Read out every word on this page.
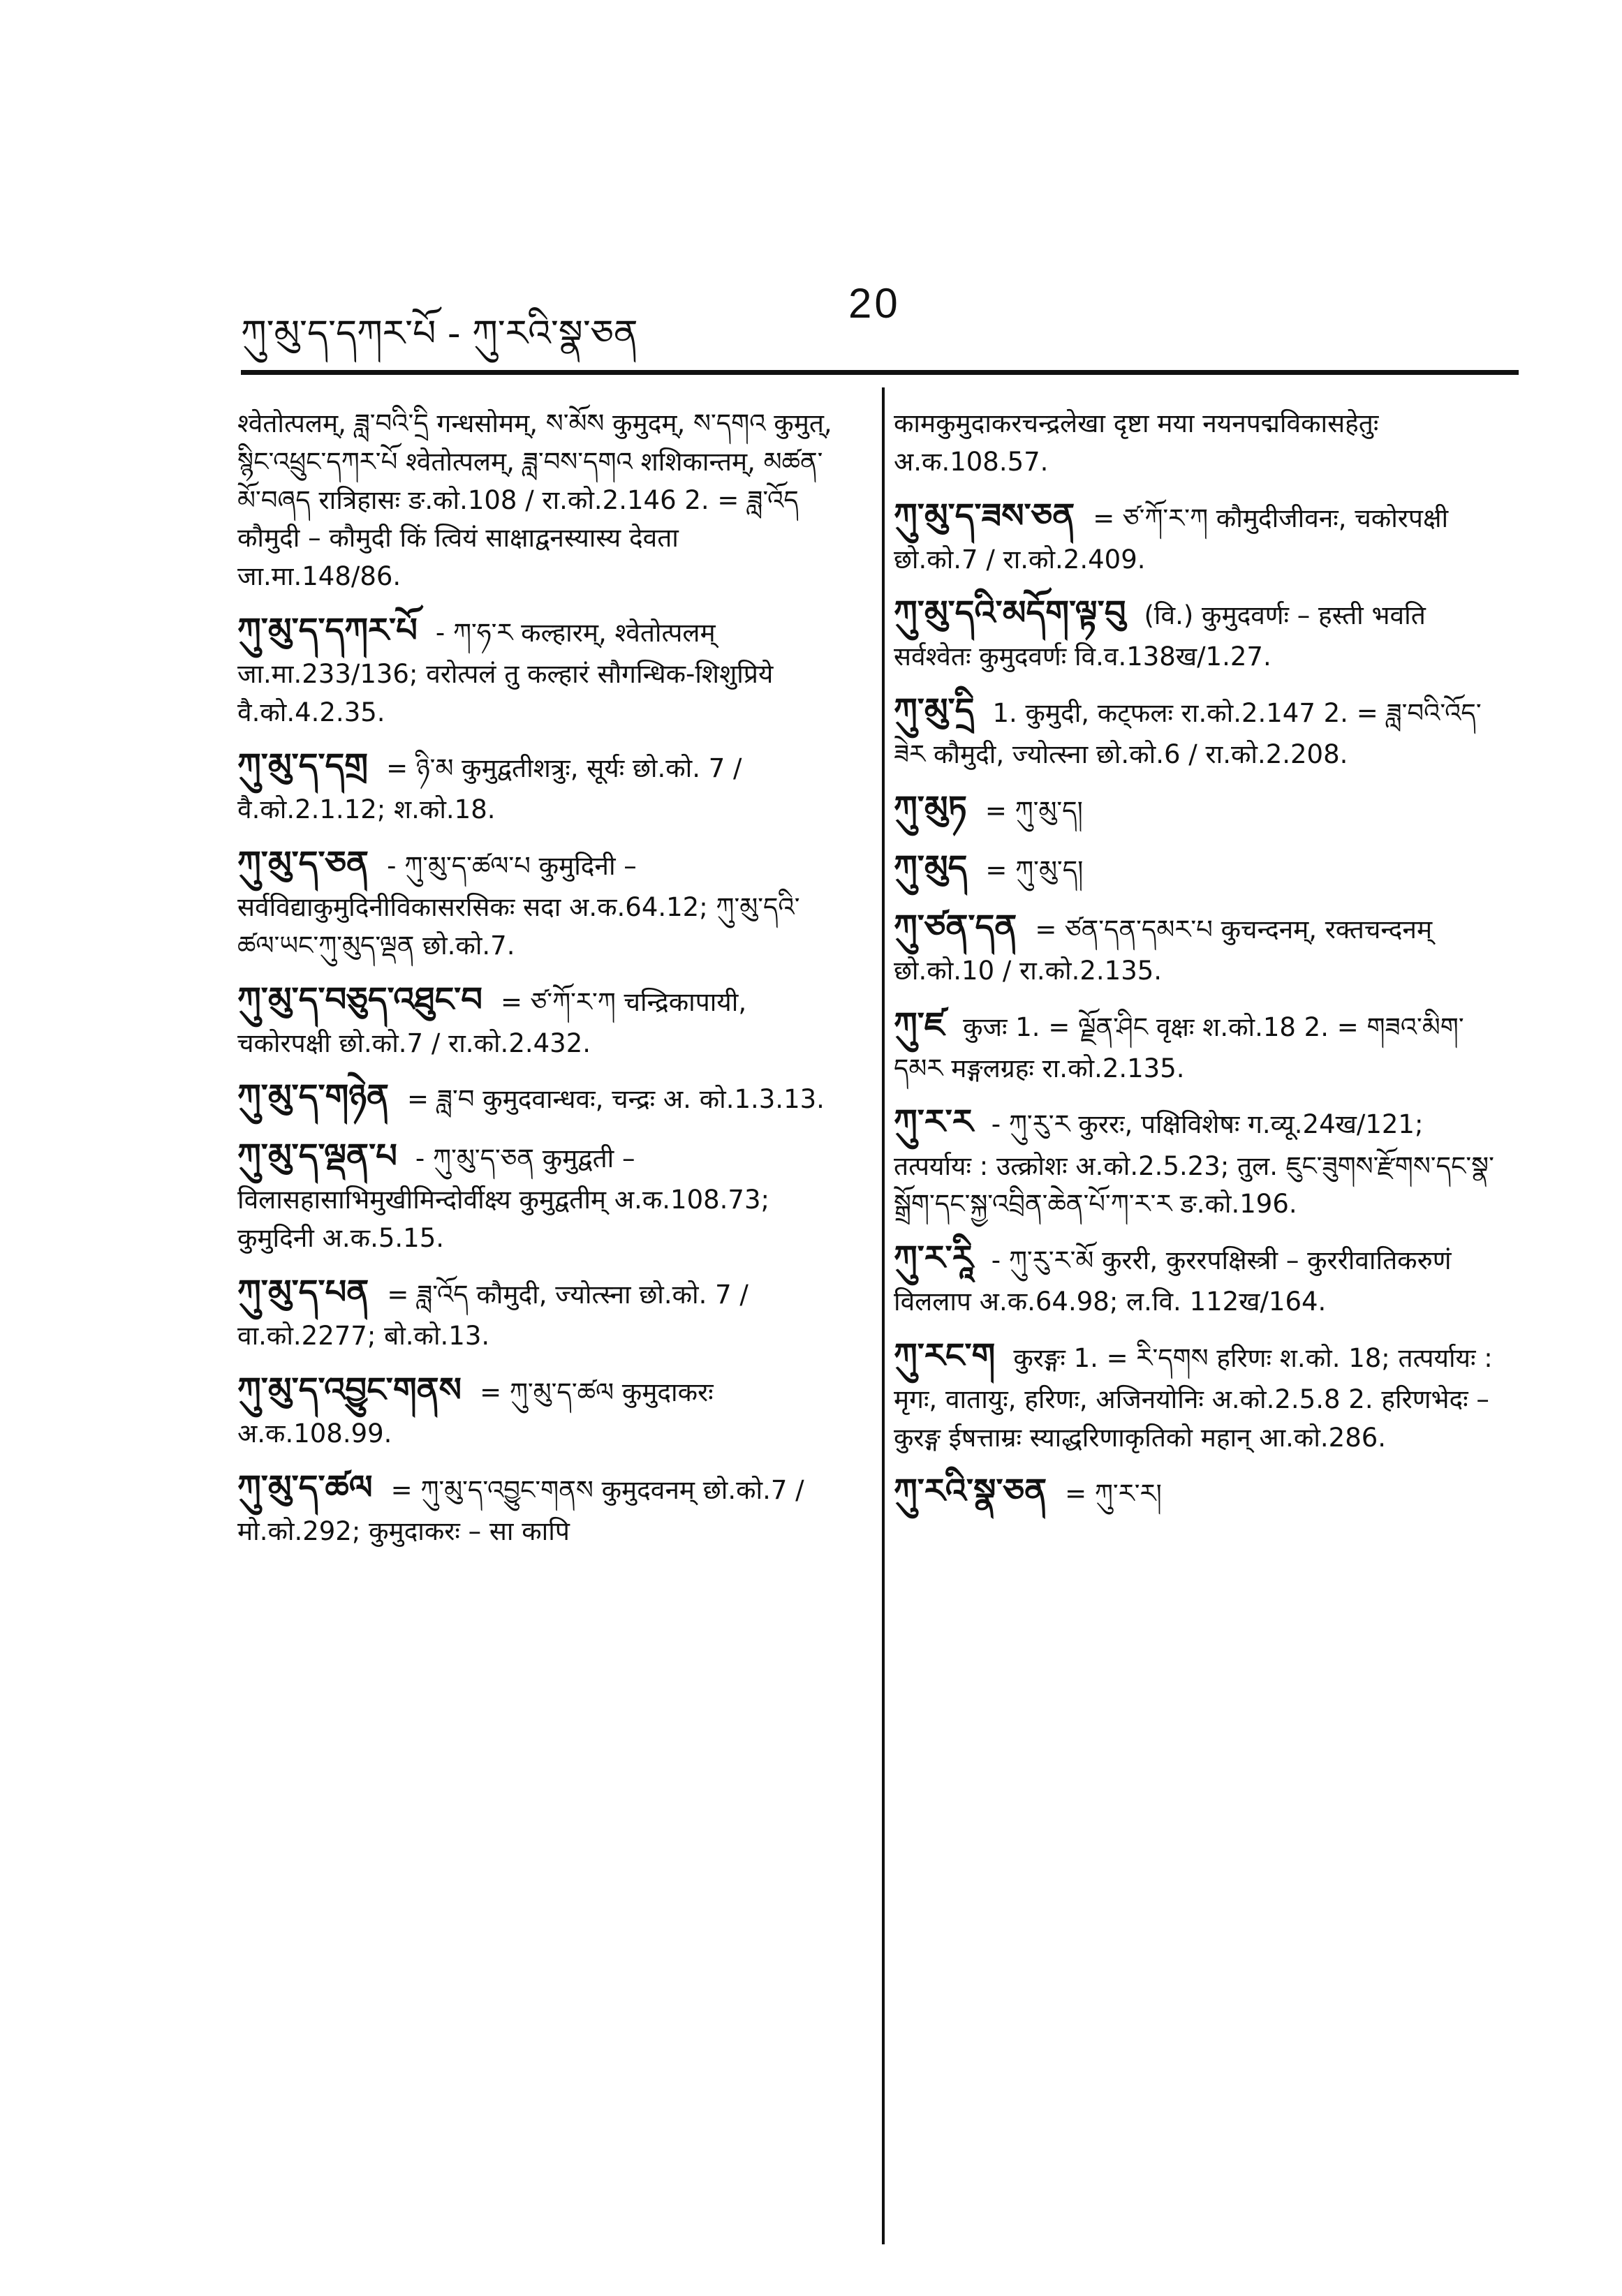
ཀུ་མུ་ད་དཀར་པོ - ཀུ་རའི་སྣ་ཅན
20
श्वेतोत्पलम्, ཟླ་བའི་དྲི गन्धसोमम्, ས་མོས कुमुदम्, ས་དགའ कुमुत्, སྙིང་འཕྲུང་དཀར་པོ श्वेतोत्पलम्, ཟླ་བས་དགའ शशिकान्तम्, མཚན་མོ་བཞད रात्रिहासः ङ.को.108 / रा.को.2.146 2. = ཟླ་འོད कौमुदी – कौमुदी किं त्वियं साक्षाद्वनस्यास्य देवता जा.मा.148/86.
ཀུ་མུ་ད་དཀར་པོ - ཀ་ཧ་ར कल्हारम्, श्वेतोत्पलम् जा.मा.233/136; वरोत्पलं तु कल्हारं सौगन्धिक-शिशुप्रिये वै.को.4.2.35.
ཀུ་མུ་ད་དགྲ = ཉི་མ कुमुद्वतीशत्रुः, सूर्यः छो.को. 7 / वै.को.2.1.12; श.को.18.
ཀུ་མུ་ད་ཅན - ཀུ་མུ་ད་ཚལ་པ कुमुदिनी – सर्वविद्याकुमुदिनीविकासरसिकः सदा अ.क.64.12; ཀུ་མུ་དའི་ཚལ་ཡང་ཀུ་མུད་ལྡན छो.को.7.
ཀུ་མུ་ད་བཅུད་འཐུང་བ = ཙ་ཀོ་ར་ཀ चन्द्रिकापायी, चकोरपक्षी छो.को.7 / रा.को.2.432.
ཀུ་མུ་ད་གཉེན = ཟླ་བ कुमुदवान्धवः, चन्द्रः अ. को.1.3.13.
ཀུ་མུ་ད་ལྡན་པ - ཀུ་མུ་ད་ཅན कुमुद्वती – विलासहासाभिमुखीमिन्दोर्वीक्ष्य कुमुद्वतीम् अ.क.108.73; कुमुदिनी अ.क.5.15.
ཀུ་མུ་ད་པན = ཟླ་འོད कौमुदी, ज्योत्स्ना छो.को. 7 / वा.को.2277; बो.को.13.
ཀུ་མུ་ད་འབྱུང་གནས = ཀུ་མུ་ད་ཚལ कुमुदाकरः अ.क.108.99.
ཀུ་མུ་ད་ཚལ = ཀུ་མུ་ད་འབྱུང་གནས कुमुदवनम् छो.को.7 / मो.को.292; कुमुदाकरः – सा कापि
कामकुमुदाकरचन्द्रलेखा दृष्टा मया नयनपद्मविकासहेतुः अ.क.108.57.
ཀུ་མུ་ད་ཟས་ཅན = ཙ་ཀོ་ར་ཀ कौमुदीजीवनः, चकोरपक्षी छो.को.7 / रा.को.2.409.
ཀུ་མུ་དའི་མདོག་ལྟ་བུ (वि.) कुमुदवर्णः – हस्ती भवति सर्वश्वेतः कुमुदवर्णः वि.व.138ख/1.27.
ཀུ་མུ་དྲི 1. कुमुदी, कट्फलः रा.को.2.147 2. = ཟླ་བའི་འོད་ཟེར कौमुदी, ज्योत्स्ना छो.को.6 / रा.को.2.208.
ཀུ་མུཏ = ཀུ་མུ་ད།
ཀུ་མུད = ཀུ་མུ་ད།
ཀུ་ཙན་དན = ཙན་དན་དམར་པ कुचन्दनम्, रक्तचन्दनम् छो.को.10 / रा.को.2.135.
ཀུ་ཛ कुजः 1. = ལྗོན་ཤིང वृक्षः श.को.18 2. = གཟའ་མིག་དམར मङ्गलग्रहः रा.को.2.135.
ཀུ་ར་ར - ཀུ་རུ་ར कुररः, पक्षिविशेषः ग.व्यू.24ख/121; तत्पर्यायः : उत्क्रोशः अ.को.2.5.23; तुल. ཇུང་ཟུགས་རྫོགས་དང་སྣ་སྒྲོག་དང་སྐྱ་འབྲིན་ཆེན་པོ་ཀ་ར་ར ङ.को.196.
ཀུ་ར་རཱི - ཀུ་རུ་ར་མོ कुररी, कुररपक्षिस्त्री – कुररीवातिकरुणं विललाप अ.क.64.98; ल.वि. 112ख/164.
ཀུ་རང་ག कुरङ्गः 1. = རི་དགས हरिणः श.को. 18; तत्पर्यायः : मृगः, वातायुः, हरिणः, अजिनयोनिः अ.को.2.5.8 2. हरिणभेदः – कुरङ्ग ईषत्ताम्रः स्याद्धरिणाकृतिको महान् आ.को.286.
ཀུ་རའི་སྣ་ཅན = ཀུ་ར་ར།
